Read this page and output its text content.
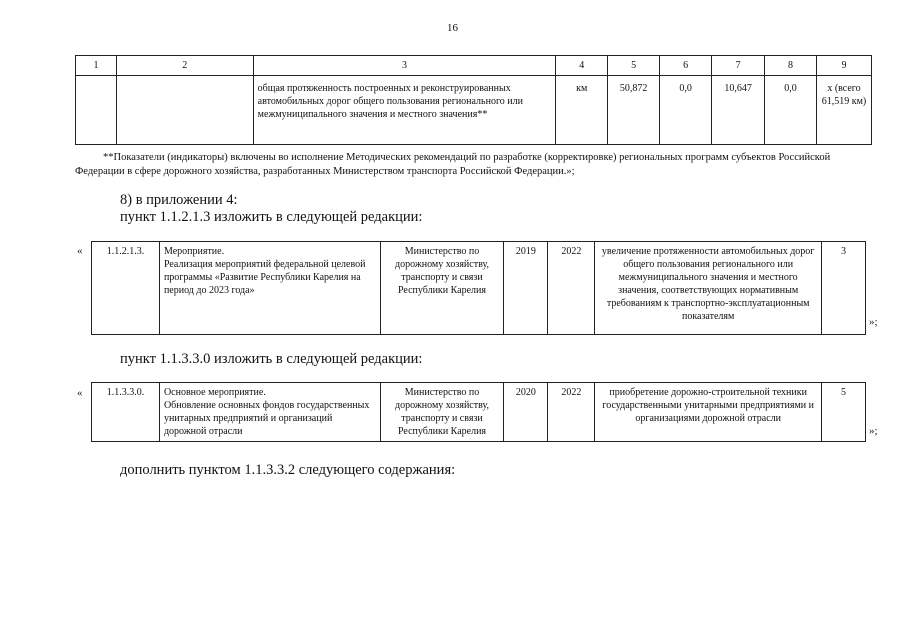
16
1	2	3	4	5	6	7	8	9
		общая протяженность построенных и реконструированных автомобильных дорог общего пользования регионального или межмуниципального значения и местного значения**	км	50,872	0,0	10,647	0,0	x (всего 61,519 км)

**Показатели (индикаторы) включены во исполнение Методических рекомендаций по разработке (корректировке) региональных программ субъектов Российской Федерации в сфере дорожного хозяйства, разработанных Министерством транспорта Российской Федерации.»;

8) в приложении 4:
пункт 1.1.2.1.3 изложить в следующей редакции:
« 1.1.2.1.3.	Мероприятие.
Реализация мероприятий федеральной целевой программы «Развитие Республики Карелия на период до 2023 года»	Министерство по дорожному хозяйству, транспорту и связи Республики Карелия	2019	2022	увеличение протяженности автомобильных дорог общего пользования регионального или межмуниципального значения и местного значения, соответствующих нормативным требованиям к транспортно-эксплуатационным показателям	3
»;
пункт 1.1.3.3.0 изложить в следующей редакции:
« 1.1.3.3.0.	Основное мероприятие.
Обновление основных фондов государственных унитарных предприятий и организаций дорожной отрасли	Министерство по дорожному хозяйству, транспорту и связи Республики Карелия	2020	2022	приобретение дорожно-строительной техники государственными унитарными предприятиями и организациями дорожной отрасли	5
»;
дополнить пунктом 1.1.3.3.2 следующего содержания:
